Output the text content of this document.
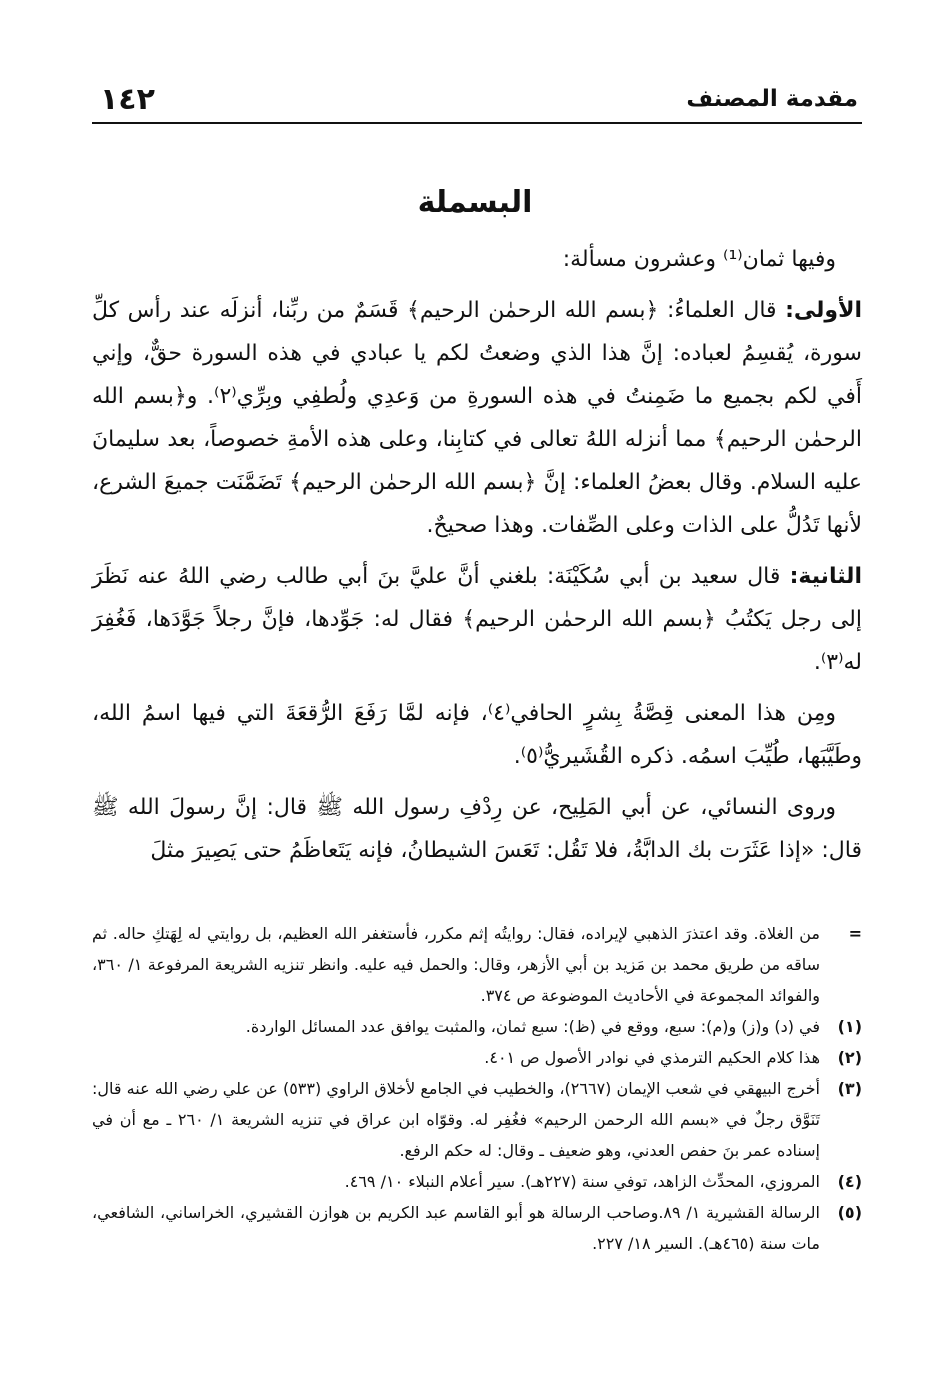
١٤٢	مقدمة المصنف
البسملة

وفيها ثمان⁽¹⁾ وعشرون مسألة:

الأولى: قال العلماءُ: ﴿بسم الله الرحمٰن الرحيم﴾ قَسَمٌ من ربِّنا، أنزلَه عند رأس كلِّ سورة، يُقسِمُ لعباده: إنَّ هذا الذي وضعتُ لكم يا عبادي في هذه السورة حقٌّ، وإني أَفي لكم بجميع ما ضَمِنتُ في هذه السورةِ من وَعدِي ولُطفِي وبِرِّي⁽٢⁾. و﴿بسم الله الرحمٰن الرحيم﴾ مما أنزله اللهُ تعالى في كتابِنا، وعلى هذه الأمةِ خصوصاً، بعد سليمانَ عليه السلام. وقال بعضُ العلماء: إنَّ ﴿بسم الله الرحمٰن الرحيم﴾ تَضَمَّنَت جميعَ الشرع، لأنها تَدُلُّ على الذات وعلى الصِّفات. وهذا صحيحٌ.

الثانية: قال سعيد بن أبي سُكَيْنَة: بلغني أنَّ عليَّ بنَ أبي طالب رضي اللهُ عنه نَظَرَ إلى رجل يَكتُبُ ﴿بسم الله الرحمٰن الرحيم﴾ فقال له: جَوِّدها، فإنَّ رجلاً جَوَّدَها، فَغُفِرَ له⁽٣⁾.

ومِن هذا المعنى قِصَّةُ بِشرٍ الحافي⁽٤⁾، فإنه لمَّا رَفَعَ الرُّقعَةَ التي فيها اسمُ الله، وطَيَّبَها، طُيِّبَ اسمُه. ذكره القُشَيريُّ⁽٥⁾.

وروى النسائي، عن أبي المَلِيح، عن رِدْفِ رسول الله ﷺ قال: إنَّ رسولَ الله ﷺ قال: «إذا عَثَرَت بك الدابَّةُ، فلا تَقُل: تَعَسَ الشيطانُ، فإنه يَتَعاظَمُ حتى يَصِيرَ مثلَ

=
من الغلاة. وقد اعتذرَ الذهبي لإيراده، فقال: روايتُه إثم مكرر، فأستغفر الله العظيم، بل روايتي له لِهَتكِ حاله. ثم ساقه من طريق محمد بن مَزيد بن أبي الأزهر، وقال: والحمل فيه عليه. وانظر تنزيه الشريعة المرفوعة ١/ ٣٦٠، والفوائد المجموعة في الأحاديث الموضوعة ص ٣٧٤.
(١)
في (د) و(ز) و(م): سبع، ووقع في (ظ): سبع ثمان، والمثبت يوافق عدد المسائل الواردة.
(٢)
هذا كلام الحكيم الترمذي في نوادر الأصول ص ٤٠١.
(٣)
أخرج البيهقي في شعب الإيمان (٢٦٦٧)، والخطيب في الجامع لأخلاق الراوي (٥٣٣) عن علي رضي الله عنه قال: تَنَوَّق رجلٌ في «بسم الله الرحمن الرحيم» فغُفِر له. وقوّاه ابن عراق في تنزيه الشريعة ١/ ٢٦٠ ـ مع أن في إسناده عمر بنَ حفص العدني، وهو ضعيف ـ وقال: له حكم الرفع.
(٤)
المروزي، المحدِّث الزاهد، توفي سنة (٢٢٧هـ). سير أعلام النبلاء ١٠/ ٤٦٩.
(٥)
الرسالة القشيرية ١/ ٨٩.وصاحب الرسالة هو أبو القاسم عبد الكريم بن هوازن القشيري، الخراساني، الشافعي، مات سنة (٤٦٥هـ). السير ١٨/ ٢٢٧.
